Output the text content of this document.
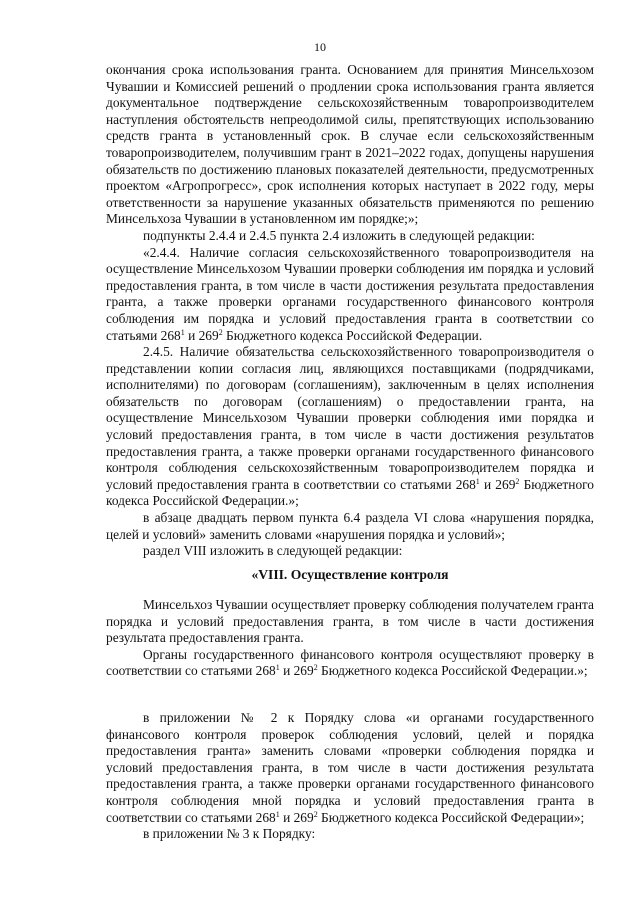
10

окончания срока использования гранта. Основанием для принятия Минсельхозом Чувашии и Комиссией решений о продлении срока использования гранта является документальное подтверждение сельскохозяйственным товаропроизводителем наступления обстоятельств непреодолимой силы, препятствующих использованию средств гранта в установленный срок. В случае если сельскохозяйственным товаропроизводителем, получившим грант в 2021–2022 годах, допущены нарушения обязательств по достижению плановых показателей деятельности, предусмотренных проектом «Агропрогресс», срок исполнения которых наступает в 2022 году, меры ответственности за нарушение указанных обязательств применяются по решению Минсельхоза Чувашии в установленном им порядке;»;

подпункты 2.4.4 и 2.4.5 пункта 2.4 изложить в следующей редакции:

«2.4.4. Наличие согласия сельскохозяйственного товаропроизводителя на осуществление Минсельхозом Чувашии проверки соблюдения им порядка и условий предоставления гранта, в том числе в части достижения результата предоставления гранта, а также проверки органами государственного финансового контроля соблюдения им порядка и условий предоставления гранта в соответствии со статьями $268^1$ и $269^2$ Бюджетного кодекса Российской Федерации.

2.4.5. Наличие обязательства сельскохозяйственного товаропроизводителя о представлении копии согласия лиц, являющихся поставщиками (подрядчиками, исполнителями) по договорам (соглашениям), заключенным в целях исполнения обязательств по договорам (соглашениям) о предоставлении гранта, на осуществление Минсельхозом Чувашии проверки соблюдения ими порядка и условий предоставления гранта, в том числе в части достижения результатов предоставления гранта, а также проверки органами государственного финансового контроля соблюдения сельскохозяйственным товаропроизводителем порядка и условий предоставления гранта в соответствии со статьями $268^1$ и $269^2$ Бюджетного кодекса Российской Федерации.»;

в абзаце двадцать первом пункта 6.4 раздела VI слова «нарушения порядка, целей и условий» заменить словами «нарушения порядка и условий»;

раздел VIII изложить в следующей редакции:

«VIII. Осуществление контроля

Минсельхоз Чувашии осуществляет проверку соблюдения получателем гранта порядка и условий предоставления гранта, в том числе в части достижения результата предоставления гранта.

Органы государственного финансового контроля осуществляют проверку в соответствии со статьями $268^1$ и $269^2$ Бюджетного кодекса Российской Федерации.»;

в приложении № 2 к Порядку слова «и органами государственного финансового контроля проверок соблюдения условий, целей и порядка предоставления гранта» заменить словами «проверки соблюдения порядка и условий предоставления гранта, в том числе в части достижения результата предоставления гранта, а также проверки органами государственного финансового контроля соблюдения мной порядка и условий предоставления гранта в соответствии со статьями $268^1$ и $269^2$ Бюджетного кодекса Российской Федерации»;

в приложении № 3 к Порядку:
